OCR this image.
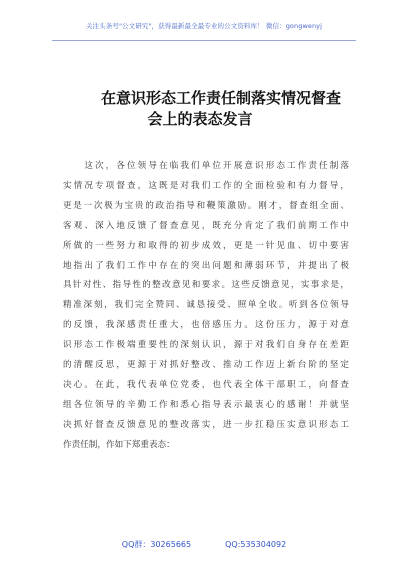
关注头条号"公文研究"，获得最新最全最专业的公文资料库！ 微信：gongwenyj
在意识形态工作责任制落实情况督查
会上的表态发言
　　这次，各位领导在临我们单位开展意识形态工作责任制落
实情况专项督查，这既是对我们工作的全面检验和有力督导，
更是一次极为宝贵的政治指导和鞭策激励。刚才，督查组全面、
客观、深入地反馈了督查意见，既充分肯定了我们前期工作中
所做的一些努力和取得的初步成效，更是一针见血、切中要害
地指出了我们工作中存在的突出问题和薄弱环节，并提出了极
具针对性、指导性的整改意见和要求。这些反馈意见，实事求是，
精准深刻，我们完全赞同、诚恳接受、照单全收。听到各位领导
的反馈，我深感责任重大，也倍感压力。这份压力，源于对意
识形态工作极端重要性的深刻认识，源于对我们自身存在差距
的清醒反思，更源于对抓好整改、推动工作迈上新台阶的坚定
决心。在此，我代表单位党委，也代表全体干部职工，向督查
组各位领导的辛勤工作和悉心指导表示最衷心的感谢！并就坚
决抓好督查反馈意见的整改落实，进一步扛稳压实意识形态工
作责任制，作如下郑重表态：
QQ群：30265665	QQ:535304092
